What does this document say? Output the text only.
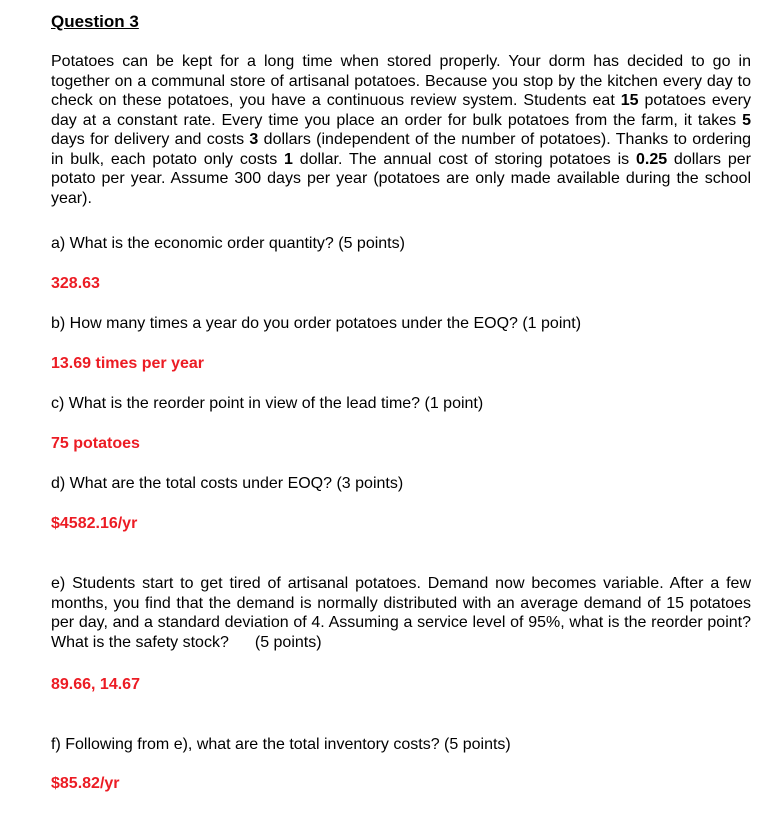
Question 3

Potatoes can be kept for a long time when stored properly. Your dorm has decided to go in together on a communal store of artisanal potatoes. Because you stop by the kitchen every day to check on these potatoes, you have a continuous review system. Students eat 15 potatoes every day at a constant rate. Every time you place an order for bulk potatoes from the farm, it takes 5 days for delivery and costs 3 dollars (independent of the number of potatoes). Thanks to ordering in bulk, each potato only costs 1 dollar. The annual cost of storing potatoes is 0.25 dollars per potato per year. Assume 300 days per year (potatoes are only made available during the school year).

a) What is the economic order quantity? (5 points)

328.63

b) How many times a year do you order potatoes under the EOQ? (1 point)

13.69 times per year

c) What is the reorder point in view of the lead time? (1 point)

75 potatoes

d) What are the total costs under EOQ? (3 points)

$4582.16/yr

e) Students start to get tired of artisanal potatoes. Demand now becomes variable. After a few months, you find that the demand is normally distributed with an average demand of 15 potatoes per day, and a standard deviation of 4. Assuming a service level of 95%, what is the reorder point? What is the safety stock? (5 points)

89.66, 14.67

f) Following from e), what are the total inventory costs? (5 points)

$85.82/yr
